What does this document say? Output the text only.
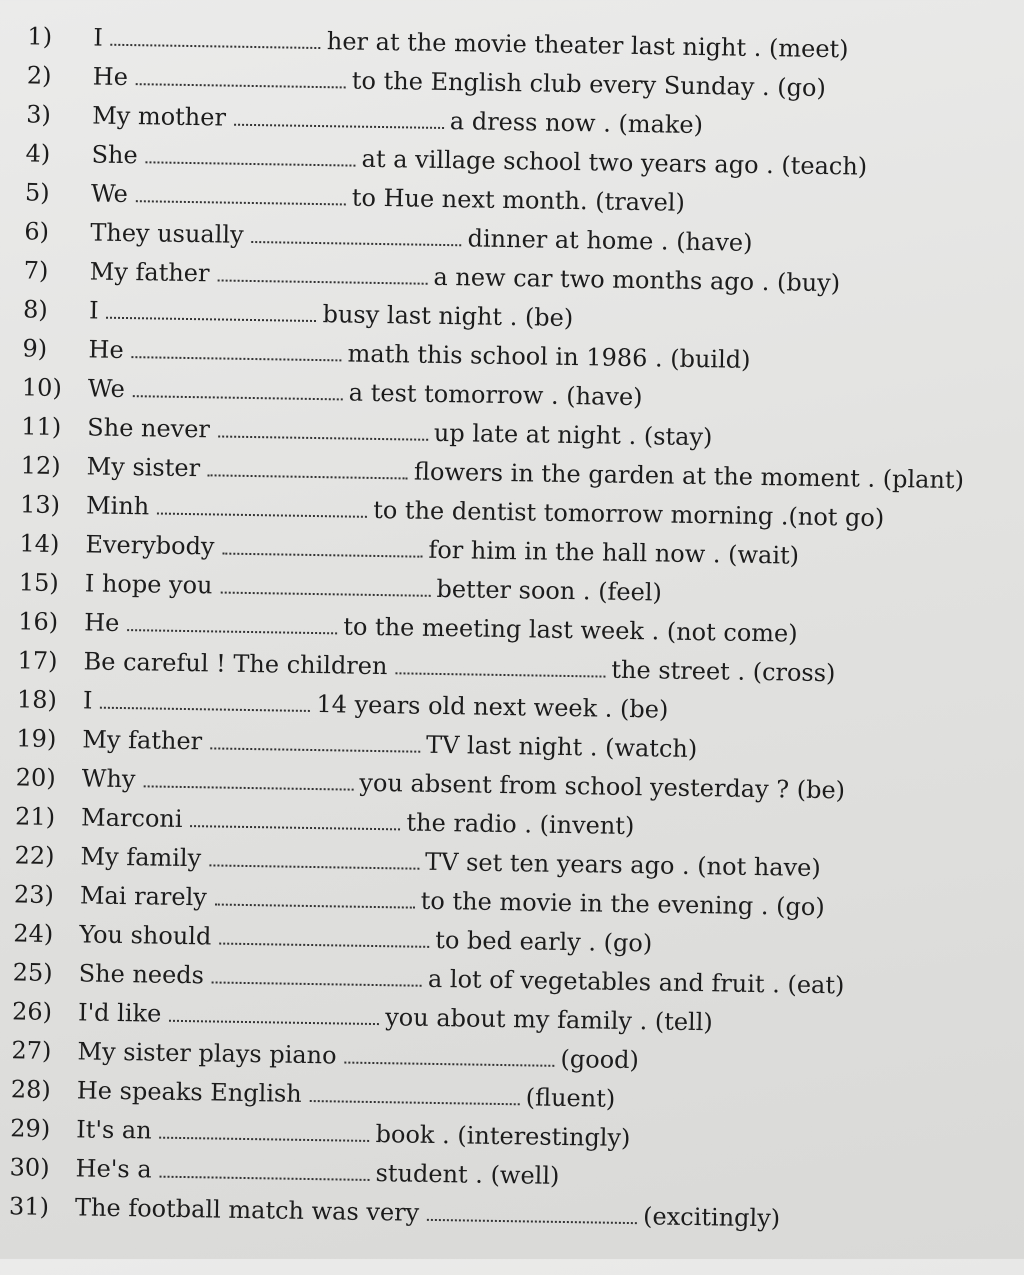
1)	I	her at the movie theater last night . (meet)
2)	He	to the English club every Sunday . (go)
3)	My mother	a dress now . (make)
4)	She	at a village school two years ago . (teach)
5)	We	to Hue next month. (travel)
6)	They usually	dinner at home . (have)
7)	My father	a new car two months ago . (buy)
8)	I	busy last night . (be)
9)	He	math this school in 1986 . (build)
10)	We	a test tomorrow . (have)
11)	She never	up late at night . (stay)
12)	My sister	flowers in the garden at the moment . (plant)
13)	Minh	to the dentist tomorrow morning .(not go)
14)	Everybody	for him in the hall now . (wait)
15)	I hope you	better soon . (feel)
16)	He	to the meeting last week . (not come)
17)	Be careful ! The children	the street . (cross)
18)	I	14 years old next week . (be)
19)	My father	TV last night . (watch)
20)	Why	you absent from school yesterday ? (be)
21)	Marconi	the radio . (invent)
22)	My family	TV set ten years ago . (not have)
23)	Mai rarely	to the movie in the evening . (go)
24)	You should	to bed early . (go)
25)	She needs	a lot of vegetables and fruit . (eat)
26)	I'd like	you about my family . (tell)
27)	My sister plays piano	(good)
28)	He speaks English	(fluent)
29)	It's an	book . (interestingly)
30)	He's a	student . (well)
31)	The football match was very	(excitingly)
